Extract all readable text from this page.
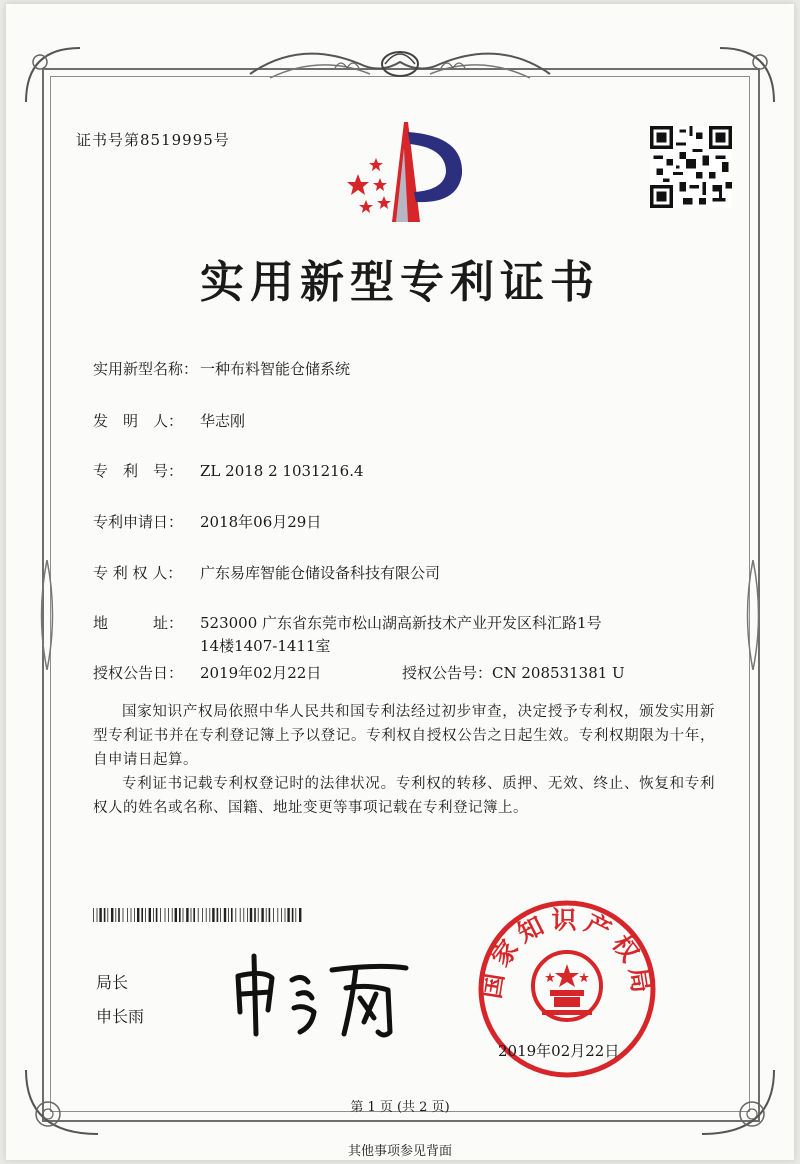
证书号第8519995号
实用新型专利证书
实用新型名称： 一种布料智能仓储系统
发　明　人： 华志刚
专　利　号： ZL 2018 2 1031216.4
专利申请日： 2018年06月29日
专 利 权 人： 广东易库智能仓储设备科技有限公司
地　　　址：	523000 广东省东莞市松山湖高新技术产业开发区科汇路1号14楼1407-1411室
授权公告日： 2019年02月22日	授权公告号：CN 208531381 U
国家知识产权局依照中华人民共和国专利法经过初步审查，决定授予专利权，颁发实用新型专利证书并在专利登记簿上予以登记。专利权自授权公告之日起生效。专利权期限为十年，自申请日起算。
专利证书记载专利权登记时的法律状况。专利权的转移、质押、无效、终止、恢复和专利权人的姓名或名称、国籍、地址变更等事项记载在专利登记簿上。
局长
申长雨
国家知识产权局
2019年02月22日
第 1 页 (共 2 页)
其他事项参见背面
